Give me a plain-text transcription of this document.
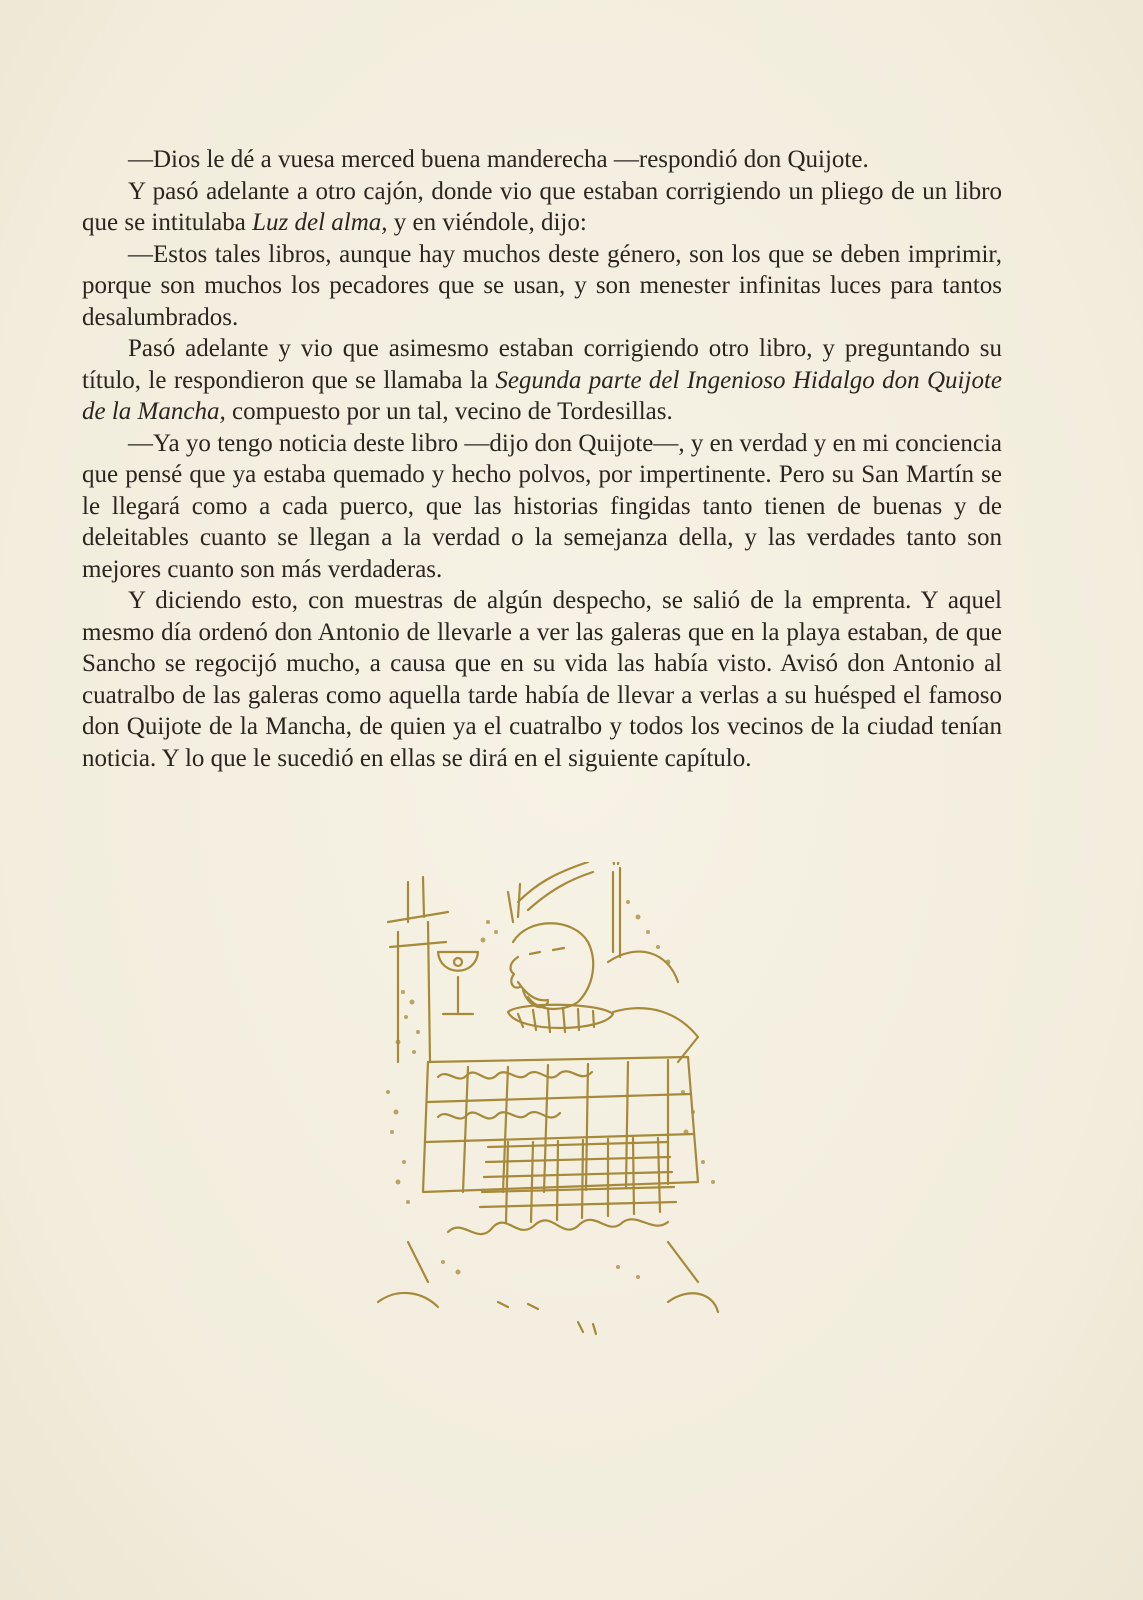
—Dios le dé a vuesa merced buena manderecha —respondió don Quijote.

Y pasó adelante a otro cajón, donde vio que estaban corrigiendo un pliego de un libro que se intitulaba Luz del alma, y en viéndole, dijo:

—Estos tales libros, aunque hay muchos deste género, son los que se deben imprimir, porque son muchos los pecadores que se usan, y son menester infinitas luces para tantos desalumbrados.

Pasó adelante y vio que asimesmo estaban corrigiendo otro libro, y preguntando su título, le respondieron que se llamaba la Segunda parte del Ingenioso Hidalgo don Quijote de la Mancha, compuesto por un tal, vecino de Tordesillas.

—Ya yo tengo noticia deste libro —dijo don Quijote—, y en verdad y en mi conciencia que pensé que ya estaba quemado y hecho polvos, por impertinente. Pero su San Martín se le llegará como a cada puerco, que las historias fingidas tanto tienen de buenas y de deleitables cuanto se llegan a la verdad o la semejanza della, y las verdades tanto son mejores cuanto son más verdaderas.

Y diciendo esto, con muestras de algún despecho, se salió de la emprenta. Y aquel mesmo día ordenó don Antonio de llevarle a ver las galeras que en la playa estaban, de que Sancho se regocijó mucho, a causa que en su vida las había visto. Avisó don Antonio al cuatralbo de las galeras como aquella tarde había de llevar a verlas a su huésped el famoso don Quijote de la Mancha, de quien ya el cuatralbo y todos los vecinos de la ciudad tenían noticia. Y lo que le sucedió en ellas se dirá en el siguiente capítulo.
